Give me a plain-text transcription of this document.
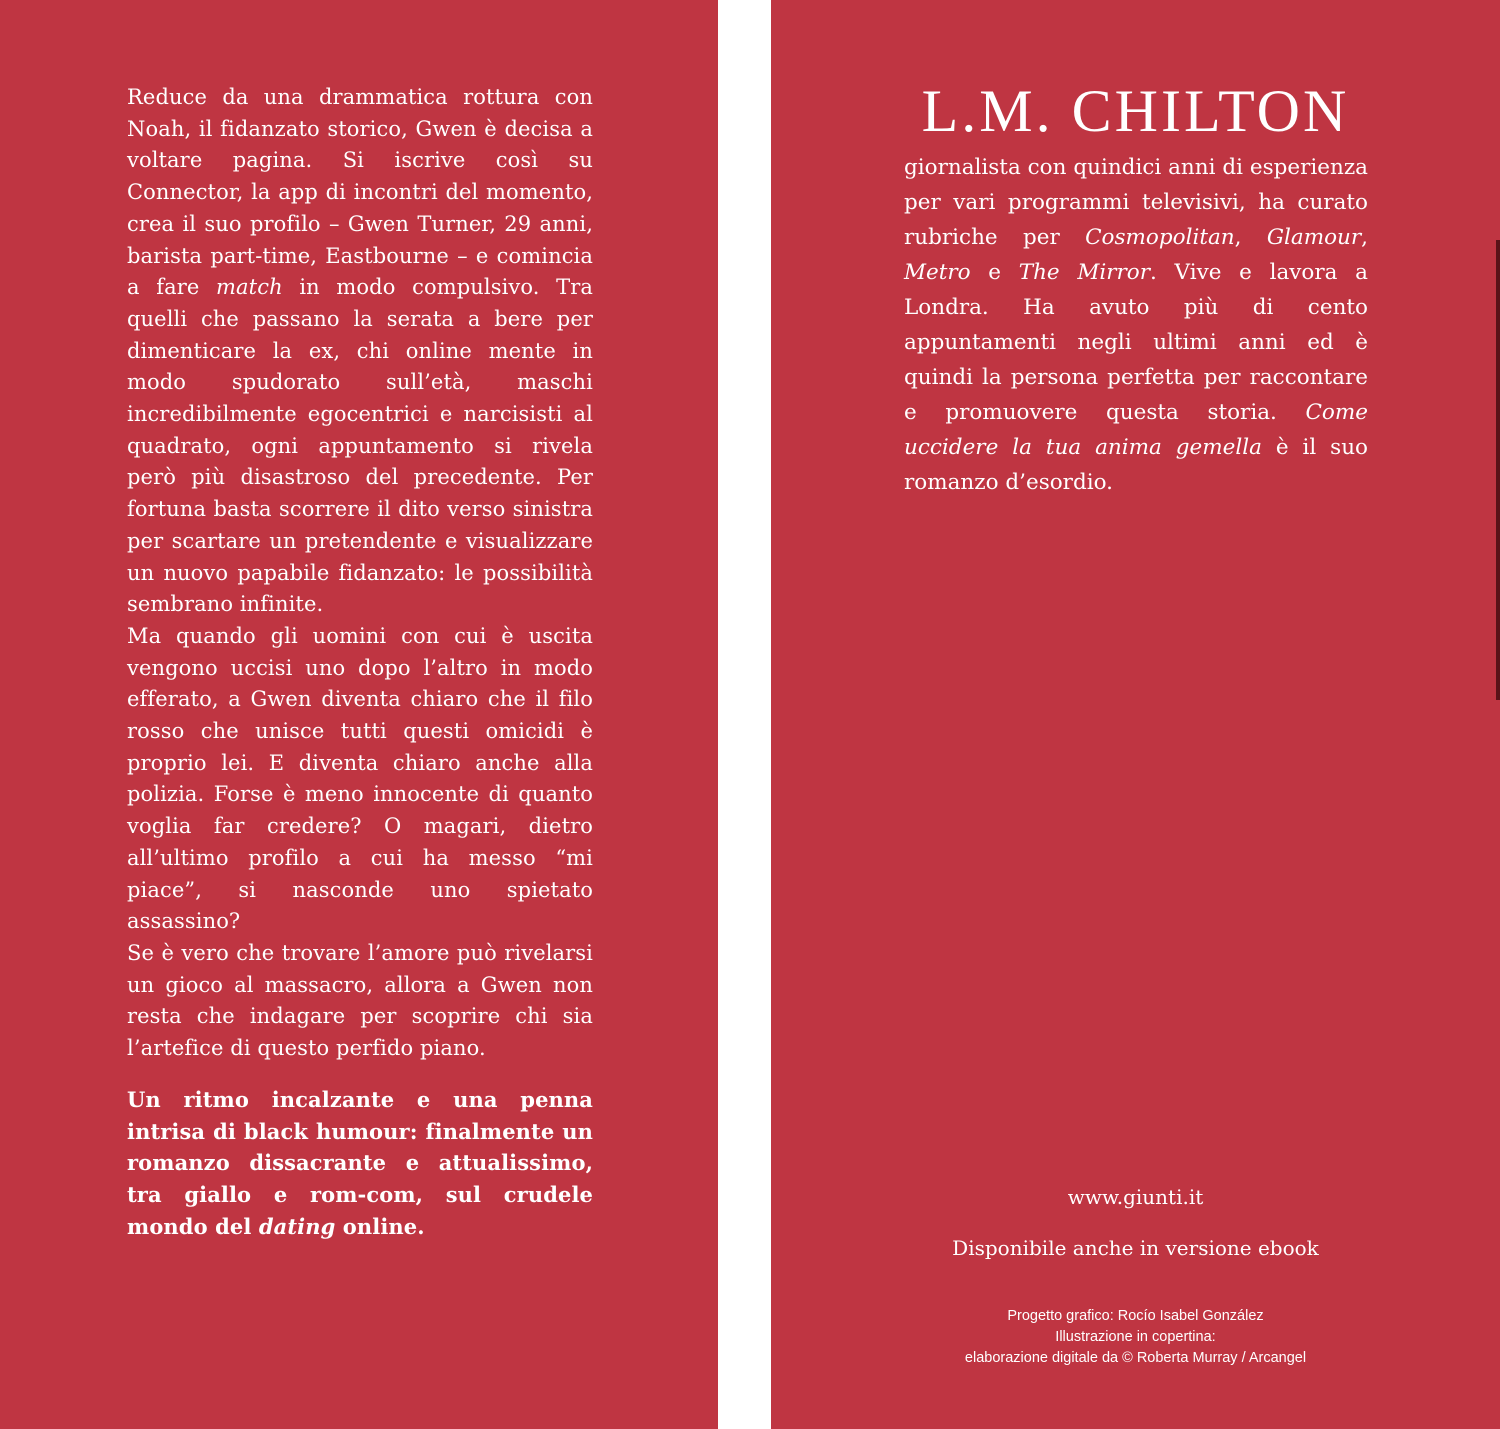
Reduce da una drammatica rottura con Noah, il fidanzato storico, Gwen è decisa a voltare pagina. Si iscrive così su Connector, la app di incontri del momento, crea il suo profilo – Gwen Turner, 29 anni, barista part-time, Eastbourne – e comincia a fare match in modo compulsivo. Tra quelli che passano la serata a bere per dimenticare la ex, chi online mente in modo spudorato sull’età, maschi incredibilmente egocentrici e narcisisti al quadrato, ogni appuntamento si rivela però più disastroso del precedente. Per fortuna basta scorrere il dito verso sinistra per scartare un pretendente e visualizzare un nuovo papabile fidanzato: le possibilità sembrano infinite.

Ma quando gli uomini con cui è uscita vengono uccisi uno dopo l’altro in modo efferato, a Gwen diventa chiaro che il filo rosso che unisce tutti questi omicidi è proprio lei. E diventa chiaro anche alla polizia. Forse è meno innocente di quanto voglia far credere? O magari, dietro all’ultimo profilo a cui ha messo “mi piace”, si nasconde uno spietato assassino?

Se è vero che trovare l’amore può rivelarsi un gioco al massacro, allora a Gwen non resta che indagare per scoprire chi sia l’artefice di questo perfido piano.

Un ritmo incalzante e una penna intrisa di black humour: finalmente un romanzo dissacrante e attualissimo, tra giallo e rom-com, sul crudele mondo del dating online.

L.M. CHILTON

giornalista con quindici anni di esperienza per vari programmi televisivi, ha curato rubriche per Cosmopolitan, Glamour, Metro e The Mirror. Vive e lavora a Londra. Ha avuto più di cento appuntamenti negli ultimi anni ed è quindi la persona perfetta per raccontare e promuovere questa storia. Come uccidere la tua anima gemella è il suo romanzo d’esordio.

www.giunti.it

Disponibile anche in versione ebook

Progetto grafico: Rocío Isabel González
Illustrazione in copertina:
elaborazione digitale da © Roberta Murray / Arcangel
